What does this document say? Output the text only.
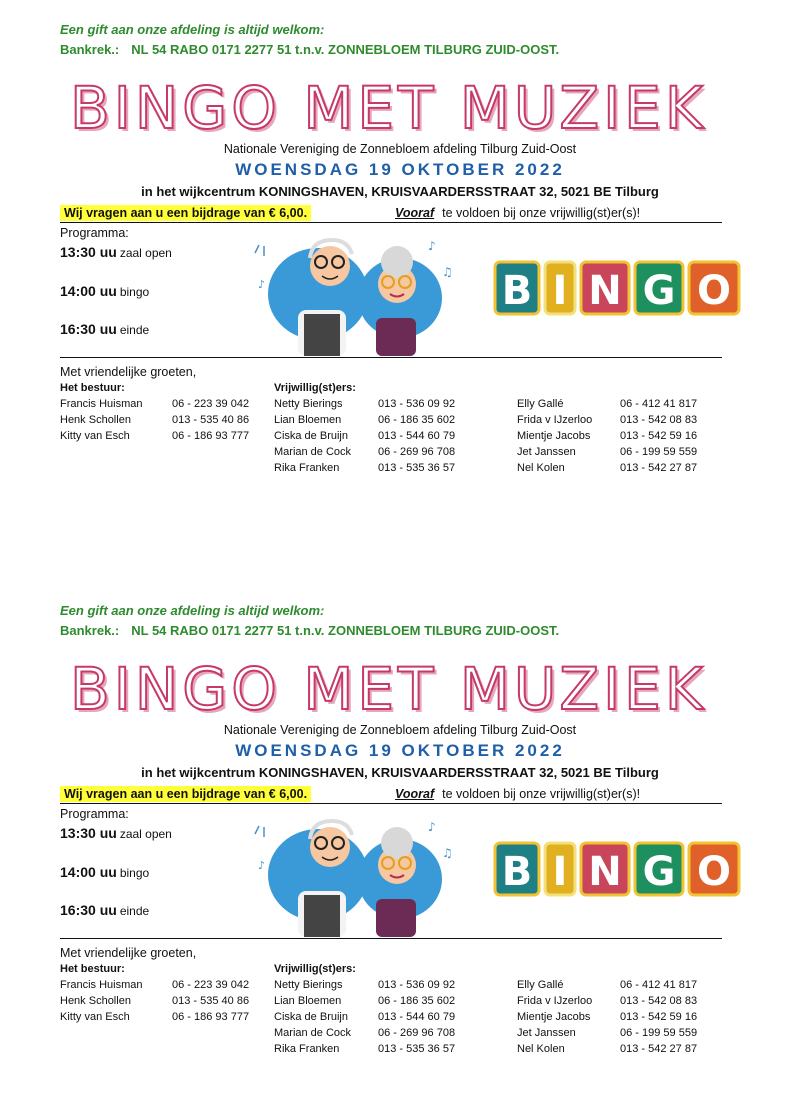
Een gift aan onze afdeling is altijd welkom:
Bankrek.: NL 54 RABO 0171 2277 51 t.n.v. ZONNEBLOEM TILBURG ZUID-OOST.
BINGO MET MUZIEK
Nationale Vereniging de Zonnebloem afdeling Tilburg Zuid-Oost
WOENSDAG 19 OKTOBER 2022
in het wijkcentrum KONINGSHAVEN, KRUISVAARDERSSTRAAT 32, 5021 BE Tilburg
Wij vragen aan u een bijdrage van € 6,00.	Vooraf te voldoen bij onze vrijwillig(st)er(s)!
Programma:
13:30 uu zaal open
14:00 uu bingo
16:30 uu einde
♪
♫
♪	B I N G O
Met vriendelijke groeten,
Het bestuur:
Francis Huisman	06 - 223 39 042
Henk Schollen	013 - 535 40 86
Kitty van Esch	06 - 186 93 777
Vrijwillig(st)ers:
Netty Bierings	013 - 536 09 92
Lian Bloemen	06 - 186 35 602
Ciska de Bruijn	013 - 544 60 79
Marian de Cock 06 - 269 96 708
Rika Franken	013 - 535 36 57
Elly Gallé	06 - 412 41 817
Frida v IJzerloo	013 - 542 08 83
Mientje Jacobs	013 - 542 59 16
Jet Janssen	06 - 199 59 559
Nel Kolen	013 - 542 27 87
Een gift aan onze afdeling is altijd welkom:
Bankrek.: NL 54 RABO 0171 2277 51 t.n.v. ZONNEBLOEM TILBURG ZUID-OOST.
BINGO MET MUZIEK
Nationale Vereniging de Zonnebloem afdeling Tilburg Zuid-Oost
WOENSDAG 19 OKTOBER 2022
in het wijkcentrum KONINGSHAVEN, KRUISVAARDERSSTRAAT 32, 5021 BE Tilburg
Wij vragen aan u een bijdrage van € 6,00.	Vooraf te voldoen bij onze vrijwillig(st)er(s)!
Programma:
13:30 uu zaal open
14:00 uu bingo
16:30 uu einde
♪
♫
♪	B I N G O
Met vriendelijke groeten,
Het bestuur:
Francis Huisman	06 - 223 39 042
Henk Schollen	013 - 535 40 86
Kitty van Esch	06 - 186 93 777
Vrijwillig(st)ers:
Netty Bierings	013 - 536 09 92
Lian Bloemen	06 - 186 35 602
Ciska de Bruijn	013 - 544 60 79
Marian de Cock 06 - 269 96 708
Rika Franken	013 - 535 36 57
Elly Gallé	06 - 412 41 817
Frida v IJzerloo	013 - 542 08 83
Mientje Jacobs	013 - 542 59 16
Jet Janssen	06 - 199 59 559
Nel Kolen	013 - 542 27 87
